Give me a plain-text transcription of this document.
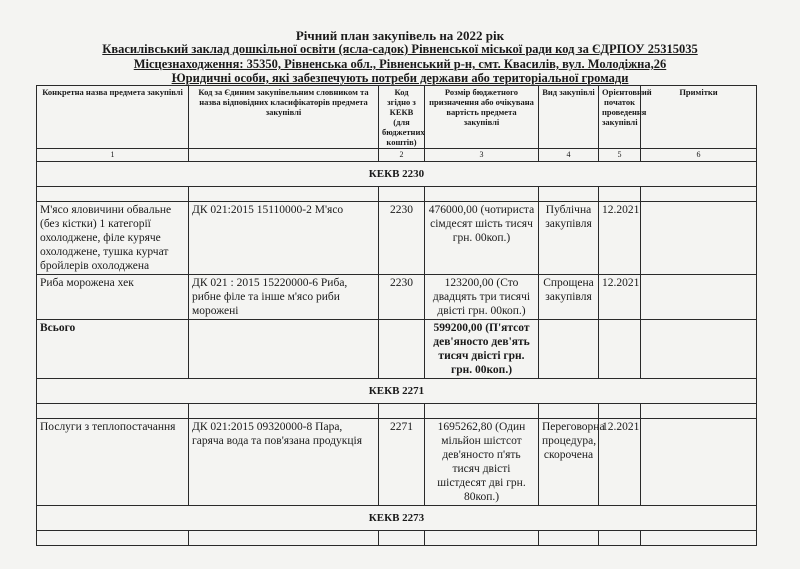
Річний план закупівель на 2022 рік
Квасилівський заклад дошкільної освіти (ясла-садок) Рівненської міської ради код за ЄДРПОУ 25315035
Місцезнаходження: 35350, Рівненська обл., Рівненський р-н, смт. Квасилів, вул. Молодіжна,26
Юридичні особи, які забезпечують потреби держави або територіальної громади
Конкретна назва предмета закупівлі	Код за Єдиним закупівельним словником та назва відповідних класифікаторів предмета закупівлі	Код згідно з КЕКВ (для бюджетних коштів)	Розмір бюджетного призначення або очікувана вартість предмета закупівлі	Вид закупівлі	Орієнтовний початок проведення закупівлі	Примітки
1		2	3	4	5	6
КЕКВ 2230						

М'ясо яловичини обвальне (без кістки) 1 категорії охолоджене, філе куряче охолоджене, тушка курчат бройлерів охолоджена	ДК 021:2015 15110000-2 М'ясо	2230	476000,00 (чотириста сімдесят шість тисяч грн. 00коп.)	Публічна закупівля	12.2021	
Риба морожена хек	ДК 021 : 2015 15220000-6 Риба, рибне філе та інше м'ясо риби морожені	2230	123200,00 (Сто двадцять три тисячі двісті грн. 00коп.)	Спрощена закупівля	12.2021	
Всього			599200,00 (П'ятсот дев'яносто дев'ять тисяч двісті грн. грн. 00коп.)			
КЕКВ 2271						

Послуги з теплопостачання	ДК 021:2015 09320000-8 Пара, гаряча вода та пов'язана продукція	2271	1695262,80 (Один мільйон шістсот дев'яносто п'ять тисяч двісті шістдесят дві грн. 80коп.)	Переговорна процедура, скорочена	12.2021	
КЕКВ 2273						
